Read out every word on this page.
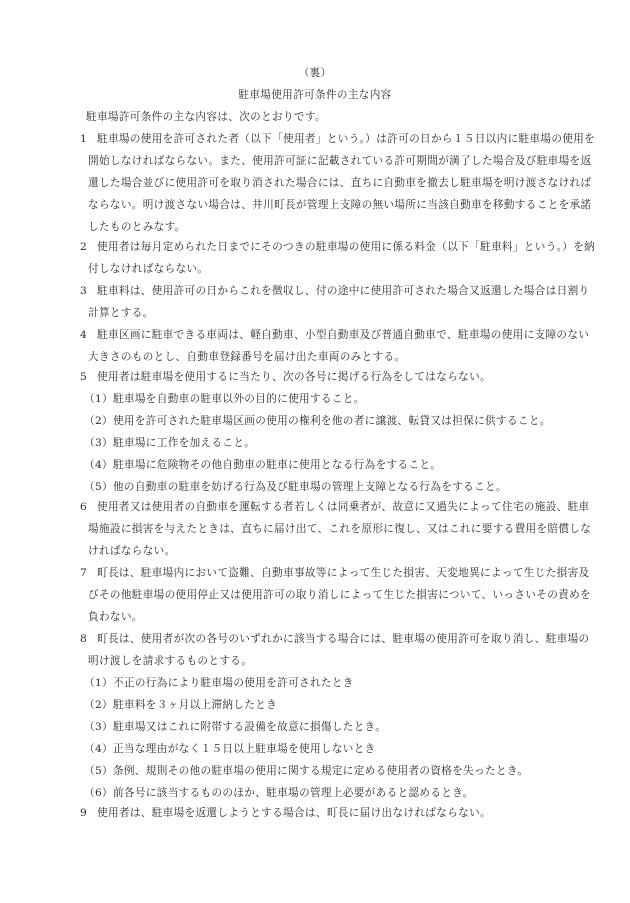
（裏）
駐車場使用許可条件の主な内容
駐車場許可条件の主な内容は、次のとおりです。
1 駐車場の使用を許可された者（以下「使用者」という。）は許可の日から１５日以内に駐車場の使用を
開始しなければならない。また、使用許可証に記載されている許可期間が満了した場合及び駐車場を返
還した場合並びに使用許可を取り消された場合には、直ちに自動車を撤去し駐車場を明け渡さなければ
ならない。明け渡さない場合は、井川町長が管理上支障の無い場所に当該自動車を移動することを承諾
したものとみなす。
2 使用者は毎月定められた日までにそのつきの駐車場の使用に係る料金（以下「駐車料」という。）を納
付しなければならない。
3 駐車料は、使用許可の日からこれを徴収し、付の途中に使用許可された場合又返還した場合は日割り
計算とする。
4 駐車区画に駐車できる車両は、軽自動車、小型自動車及び普通自動車で、駐車場の使用に支障のない
大きさのものとし、自動車登録番号を届け出た車両のみとする。
5 使用者は駐車場を使用するに当たり、次の各号に掲げる行為をしてはならない。
（1）駐車場を自動車の駐車以外の目的に使用すること。
（2）使用を許可された駐車場区画の使用の権利を他の者に譲渡、転貸又は担保に供すること。
（3）駐車場に工作を加えること。
（4）駐車場に危険物その他自動車の駐車に使用となる行為をすること。
（5）他の自動車の駐車を妨げる行為及び駐車場の管理上支障となる行為をすること。
6 使用者又は使用者の自動車を運転する者若しくは同乗者が、故意に又過失によって住宅の施設、駐車
場施設に損害を与えたときは、直ちに届け出て、これを原形に復し、又はこれに要する費用を賠償しな
ければならない。
7 町長は、駐車場内において盗難、自動車事故等によって生じた損害、天変地異によって生じた損害及
びその他駐車場の使用停止又は使用許可の取り消しによって生じた損害について、いっさいその責めを
負わない。
8 町長は、使用者が次の各号のいずれかに該当する場合には、駐車場の使用許可を取り消し、駐車場の
明け渡しを請求するものとする。
（1）不正の行為により駐車場の使用を許可されたとき
（2）駐車料を３ヶ月以上滞納したとき
（3）駐車場又はこれに附帯する設備を故意に損傷したとき。
（4）正当な理由がなく１５日以上駐車場を使用しないとき
（5）条例、規則その他の駐車場の使用に関する規定に定める使用者の資格を失ったとき。
（6）前各号に該当するもののほか、駐車場の管理上必要があると認めるとき。
9 使用者は、駐車場を返還しようとする場合は、町長に届け出なければならない。
